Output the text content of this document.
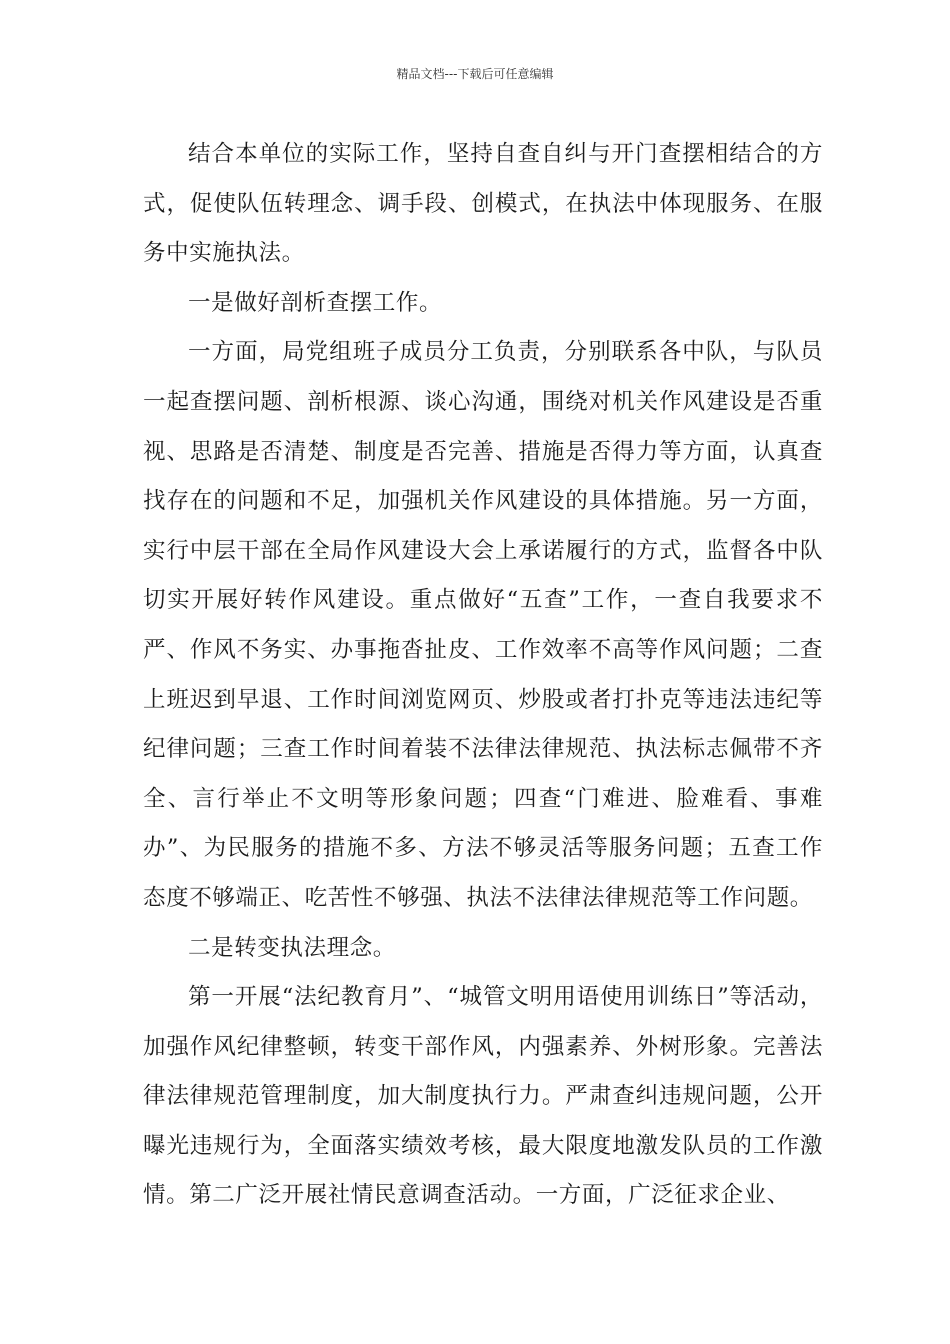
精品文档---下载后可任意编辑

结合本单位的实际工作，坚持自查自纠与开门查摆相结合的方式，促使队伍转理念、调手段、创模式，在执法中体现服务、在服务中实施执法。

一是做好剖析查摆工作。

一方面，局党组班子成员分工负责，分别联系各中队，与队员一起查摆问题、剖析根源、谈心沟通，围绕对机关作风建设是否重视、思路是否清楚、制度是否完善、措施是否得力等方面，认真查找存在的问题和不足，加强机关作风建设的具体措施。另一方面，实行中层干部在全局作风建设大会上承诺履行的方式，监督各中队切实开展好转作风建设。重点做好“五查”工作，一查自我要求不严、作风不务实、办事拖沓扯皮、工作效率不高等作风问题；二查上班迟到早退、工作时间浏览网页、炒股或者打扑克等违法违纪等纪律问题；三查工作时间着装不法律法律规范、执法标志佩带不齐全、言行举止不文明等形象问题；四查“门难进、脸难看、事难办”、为民服务的措施不多、方法不够灵活等服务问题；五查工作态度不够端正、吃苦性不够强、执法不法律法律规范等工作问题。

二是转变执法理念。

第一开展“法纪教育月”、“城管文明用语使用训练日”等活动，加强作风纪律整顿，转变干部作风，内强素养、外树形象。完善法律法律规范管理制度，加大制度执行力。严肃查纠违规问题，公开曝光违规行为，全面落实绩效考核，最大限度地激发队员的工作激情。第二广泛开展社情民意调查活动。一方面，广泛征求企业、
